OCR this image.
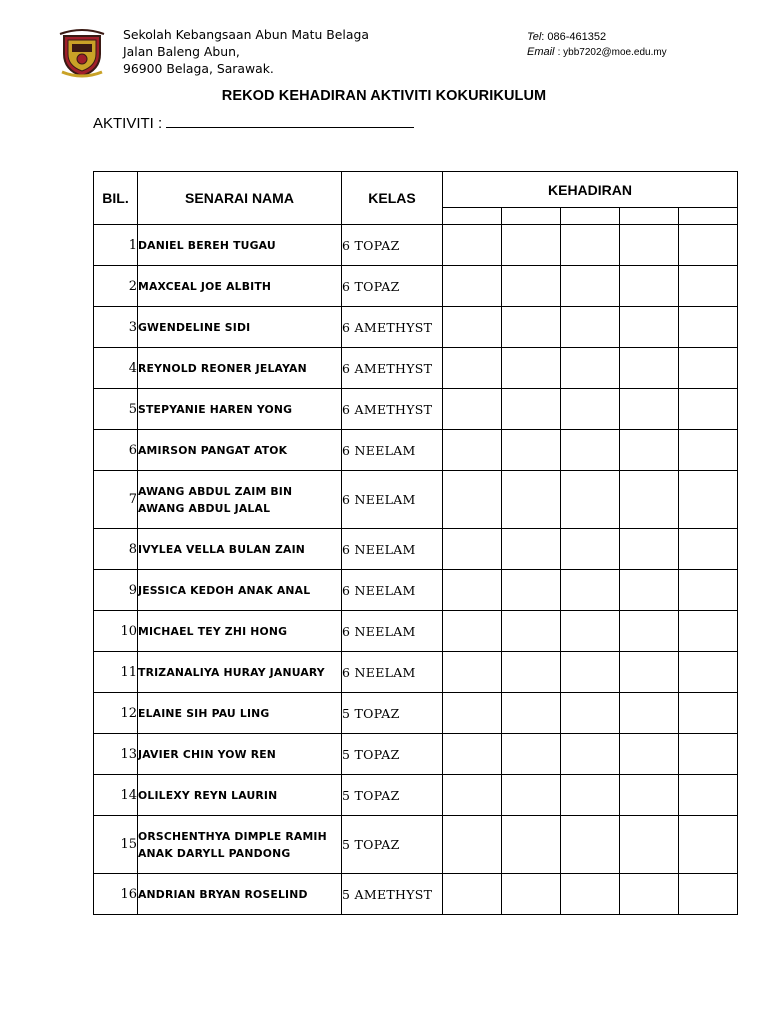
Sekolah Kebangsaan Abun Matu Belaga
Jalan Baleng Abun,
96900 Belaga, Sarawak.
Tel: 086-461352
Email : ybb7202@moe.edu.my
REKOD KEHADIRAN AKTIVITI KOKURIKULUM
AKTIVITI :
BIL.	SENARAI NAMA	KELAS	KEHADIRAN				

1	DANIEL BEREH TUGAU	6 TOPAZ					
2	MAXCEAL JOE ALBITH	6 TOPAZ					
3	GWENDELINE SIDI	6 AMETHYST					
4	REYNOLD REONER JELAYAN	6 AMETHYST					
5	STEPYANIE HAREN YONG	6 AMETHYST					
6	AMIRSON PANGAT ATOK	6 NEELAM					
7	AWANG ABDUL ZAIM BIN
AWANG ABDUL JALAL	6 NEELAM					
8	IVYLEA VELLA BULAN ZAIN	6 NEELAM					
9	JESSICA KEDOH ANAK ANAL	6 NEELAM					
10	MICHAEL TEY ZHI HONG	6 NEELAM					
11	TRIZANALIYA HURAY JANUARY	6 NEELAM					
12	ELAINE SIH PAU LING	5 TOPAZ					
13	JAVIER CHIN YOW REN	5 TOPAZ					
14	OLILEXY REYN LAURIN	5 TOPAZ					
15	ORSCHENTHYA DIMPLE RAMIH
ANAK DARYLL PANDONG	5 TOPAZ					
16	ANDRIAN BRYAN ROSELIND	5 AMETHYST					
